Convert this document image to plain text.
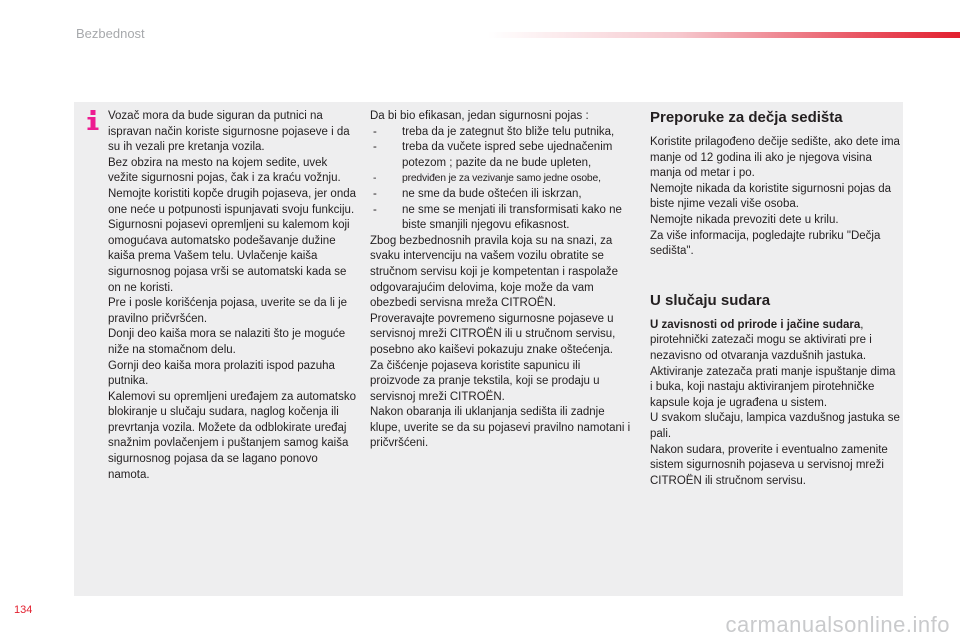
Bezbednost

Vozač mora da bude siguran da putnici na ispravan način koriste sigurnosne pojaseve i da su ih vezali pre kretanja vozila.
Bez obzira na mesto na kojem sedite, uvek vežite sigurnosni pojas, čak i za kraću vožnju.
Nemojte koristiti kopče drugih pojaseva, jer onda one neće u potpunosti ispunjavati svoju funkciju.
Sigurnosni pojasevi opremljeni su kalemom koji omogućava automatsko podešavanje dužine kaiša prema Vašem telu. Uvlačenje kaiša sigurnosnog pojasa vrši se automatski kada se on ne koristi.
Pre i posle korišćenja pojasa, uverite se da li je pravilno pričvršćen.
Donji deo kaiša mora se nalaziti što je moguće niže na stomačnom delu.
Gornji deo kaiša mora prolaziti ispod pazuha putnika.
Kalemovi su opremljeni uređajem za automatsko blokiranje u slučaju sudara, naglog kočenja ili prevrtanja vozila. Možete da odblokirate uređaj snažnim povlačenjem i puštanjem samog kaiša sigurnosnog pojasa da se lagano ponovo namota.

Da bi bio efikasan, jedan sigurnosni pojas :

- treba da je zategnut što bliže telu putnika,
- treba da vučete ispred sebe ujednačenim potezom ; pazite da ne bude upleten,
- predviđen je za vezivanje samo jedne osobe,
- ne sme da bude oštećen ili iskrzan,
- ne sme se menjati ili transformisati kako ne biste smanjili njegovu efikasnost.

Zbog bezbednosnih pravila koja su na snazi, za svaku intervenciju na vašem vozilu obratite se stručnom servisu koji je kompetentan i raspolaže odgovarajućim delovima, koje može da vam obezbedi servisna mreža CITROËN.
Proveravajte povremeno sigurnosne pojaseve u servisnoj mreži CITROËN ili u stručnom servisu, posebno ako kaiševi pokazuju znake oštećenja.
Za čišćenje pojaseva koristite sapunicu ili proizvode za pranje tekstila, koji se prodaju u servisnoj mreži CITROËN.
Nakon obaranja ili uklanjanja sedišta ili zadnje klupe, uverite se da su pojasevi pravilno namotani i pričvršćeni.

Preporuke za dečja sedišta

Koristite prilagođeno dečije sedište, ako dete ima manje od 12 godina ili ako je njegova visina manja od metar i po.
Nemojte nikada da koristite sigurnosni pojas da biste njime vezali više osoba.
Nemojte nikada prevoziti dete u krilu.
Za više informacija, pogledajte rubriku "Dečja sedišta".

U slučaju sudara

U zavisnosti od prirode i jačine sudara, pirotehnički zatezači mogu se aktivirati pre i nezavisno od otvaranja vazdušnih jastuka.
Aktiviranje zatezača prati manje ispuštanje dima i buka, koji nastaju aktiviranjem pirotehničke kapsule koja je ugrađena u sistem.
U svakom slučaju, lampica vazdušnog jastuka se pali.
Nakon sudara, proverite i eventualno zamenite sistem sigurnosnih pojaseva u servisnoj mreži CITROËN ili stručnom servisu.

134
carmanualsonline.info
